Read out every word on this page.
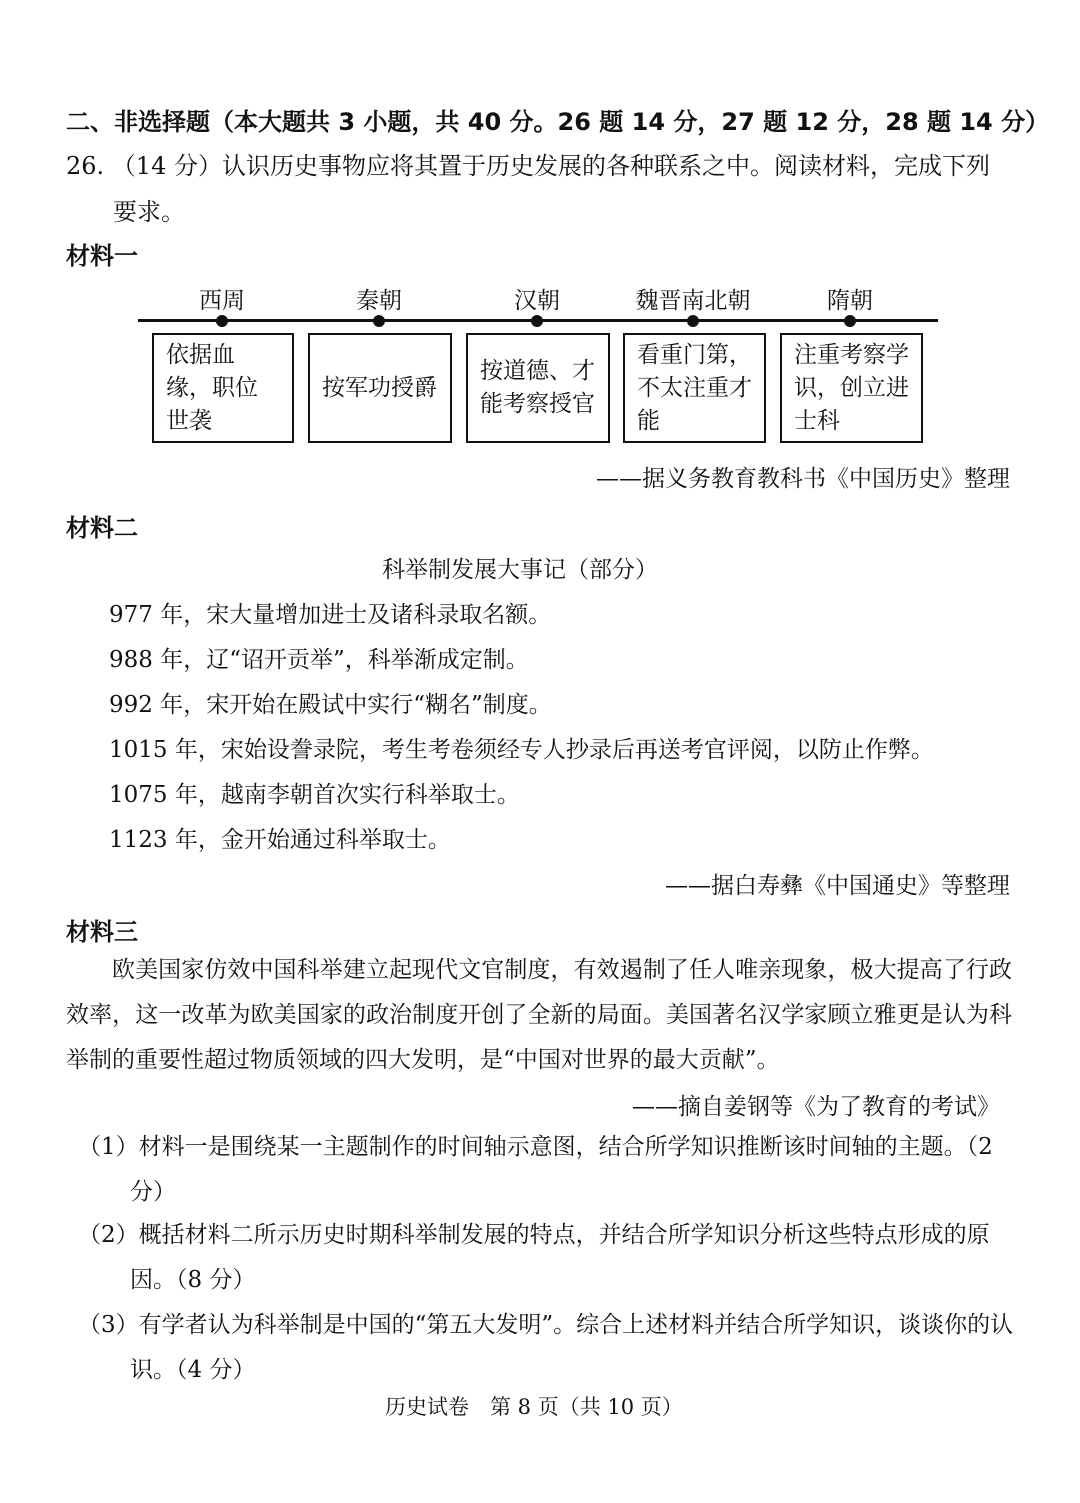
二、非选择题（本大题共 3 小题，共 40 分。26 题 14 分，27 题 12 分，28 题 14 分）
26. （14 分）认识历史事物应将其置于历史发展的各种联系之中。阅读材料，完成下列
要求。
材料一
西周	秦朝	汉朝	魏晋南北朝	隋朝
依据血缘，职位世袭
按军功授爵
按道德、才能考察授官
看重门第，不太注重才能
注重考察学识，创立进士科
——据义务教育教科书《中国历史》整理
材料二
科举制发展大事记（部分）
977 年，宋大量增加进士及诸科录取名额。
988 年，辽“诏开贡举”，科举渐成定制。
992 年，宋开始在殿试中实行“糊名”制度。
1015 年，宋始设誊录院，考生考卷须经专人抄录后再送考官评阅，以防止作弊。
1075 年，越南李朝首次实行科举取士。
1123 年，金开始通过科举取士。
——据白寿彝《中国通史》等整理
材料三
欧美国家仿效中国科举建立起现代文官制度，有效遏制了任人唯亲现象，极大提高了行政效率，这一改革为欧美国家的政治制度开创了全新的局面。美国著名汉学家顾立雅更是认为科举制的重要性超过物质领域的四大发明，是“中国对世界的最大贡献”。
——摘自姜钢等《为了教育的考试》
（1）材料一是围绕某一主题制作的时间轴示意图，结合所学知识推断该时间轴的主题。（2 分）
（2）概括材料二所示历史时期科举制发展的特点，并结合所学知识分析这些特点形成的原因。（8 分）
（3）有学者认为科举制是中国的“第五大发明”。综合上述材料并结合所学知识，谈谈你的认识。（4 分）
历史试卷　第 8 页（共 10 页）
